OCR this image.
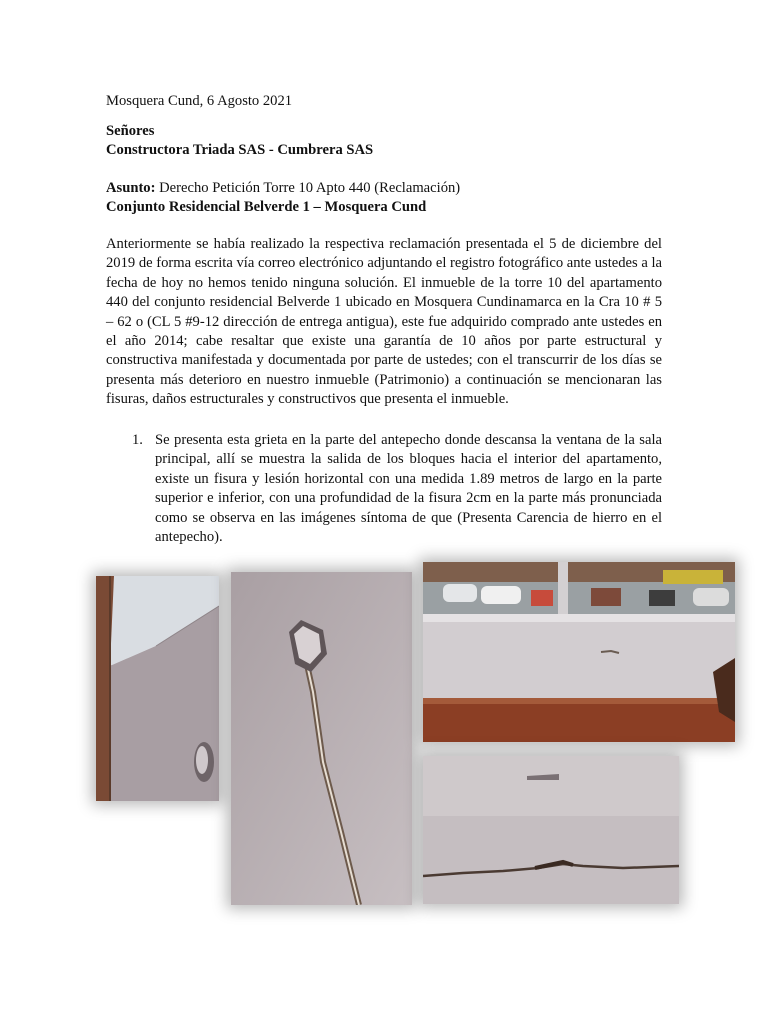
Mosquera Cund, 6 Agosto 2021
Señores
Constructora Triada SAS - Cumbrera SAS
Asunto: Derecho Petición Torre 10 Apto 440 (Reclamación)
Conjunto Residencial Belverde 1 – Mosquera Cund
Anteriormente se había realizado la respectiva reclamación presentada el 5 de diciembre del 2019 de forma escrita vía correo electrónico adjuntando el registro fotográfico ante ustedes a la fecha de hoy no hemos tenido ninguna solución. El inmueble de la torre 10 del apartamento 440 del conjunto residencial Belverde 1 ubicado en Mosquera Cundinamarca en la Cra 10 # 5 – 62 o (CL 5 #9-12 dirección de entrega antigua), este fue adquirido comprado ante ustedes en el año 2014; cabe resaltar que existe una garantía de 10 años por parte estructural y constructiva manifestada y documentada por parte de ustedes; con el transcurrir de los días se presenta más deterioro en nuestro inmueble (Patrimonio) a continuación se mencionaran las fisuras, daños estructurales y constructivos que presenta el inmueble.
1. Se presenta esta grieta en la parte del antepecho donde descansa la ventana de la sala principal, allí se muestra la salida de los bloques hacia el interior del apartamento, existe un fisura y lesión horizontal con una medida 1.89 metros de largo en la parte superior e inferior, con una profundidad de la fisura 2cm en la parte más pronunciada como se observa en las imágenes síntoma de que (Presenta Carencia de hierro en el antepecho).
